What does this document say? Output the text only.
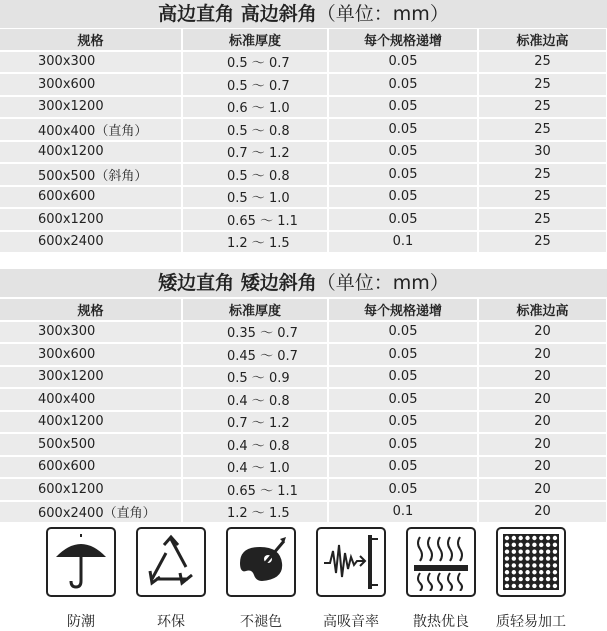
高边直角 高边斜角（单位：mm）
规格	标准厚度	每个规格递增	标准边高
300x300	0.5 ～ 0.7	0.05	25
300x600	0.5 ～ 0.7	0.05	25
300x1200	0.6 ～ 1.0	0.05	25
400x400（直角）	0.5 ～ 0.8	0.05	25
400x1200	0.7 ～ 1.2	0.05	30
500x500（斜角）	0.5 ～ 0.8	0.05	25
600x600	0.5 ～ 1.0	0.05	25
600x1200	0.65 ～ 1.1	0.05	25
600x2400	1.2 ～ 1.5	0.1	25
矮边直角 矮边斜角（单位：mm）
规格	标准厚度	每个规格递增	标准边高
300x300	0.35 ～ 0.7	0.05	20
300x600	0.45 ～ 0.7	0.05	20
300x1200	0.5 ～ 0.9	0.05	20
400x400	0.4 ～ 0.8	0.05	20
400x1200	0.7 ～ 1.2	0.05	20
500x500	0.4 ～ 0.8	0.05	20
600x600	0.4 ～ 1.0	0.05	20
600x1200	0.65 ～ 1.1	0.05	20
600x2400（直角）	1.2 ～ 1.5	0.1	20
防潮	环保	不褪色	高吸音率	散热优良	质轻易加工
